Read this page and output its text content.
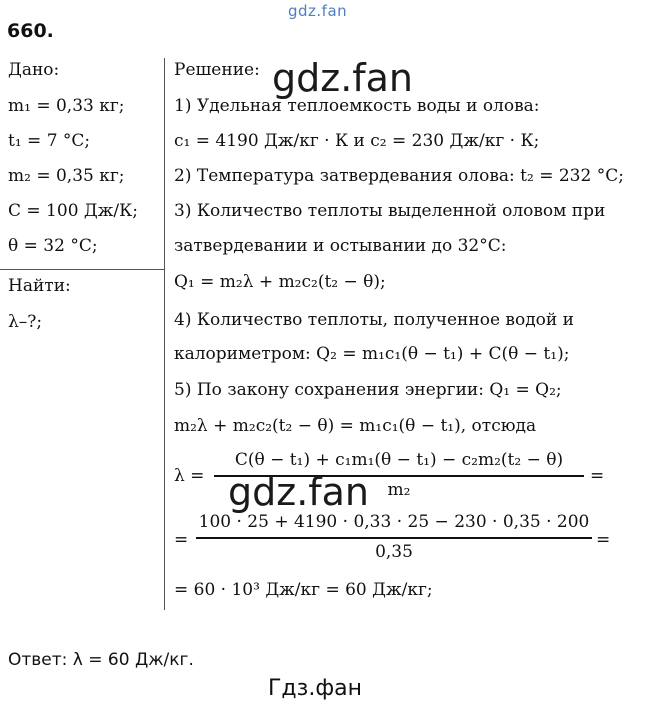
gdz.fan
660.
Дано:
m₁ = 0,33 кг;
t₁ = 7 °C;
m₂ = 0,35 кг;
C = 100 Дж/К;
θ = 32 °C;
Найти:
λ–?;
Решение: gdz.fan
1) Удельная теплоемкость воды и олова:
c₁ = 4190 Дж/кг · К и c₂ = 230 Дж/кг · К;
2) Температура затвердевания олова: t₂ = 232 °C;
3) Количество теплоты выделенной оловом при
затвердевании и остывании до 32°C:
Q₁ = m₂λ + m₂c₂(t₂ − θ);
4) Количество теплоты, полученное водой и
калориметром: Q₂ = m₁c₁(θ − t₁) + C(θ − t₁);
5) По закону сохранения энергии: Q₁ = Q₂;
m₂λ + m₂c₂(t₂ − θ) = m₁c₁(θ − t₁), отсюда
λ =
C(θ − t₁) + c₁m₁(θ − t₁) − c₂m₂(t₂ − θ)
m₂
=
gdz.fan
=
100 · 25 + 4190 · 0,33 · 25 − 230 · 0,35 · 200
0,35
=
= 60 · 10³ Дж/кг = 60 Дж/кг;
Ответ: λ = 60 Дж/кг.
Гдз.фан
